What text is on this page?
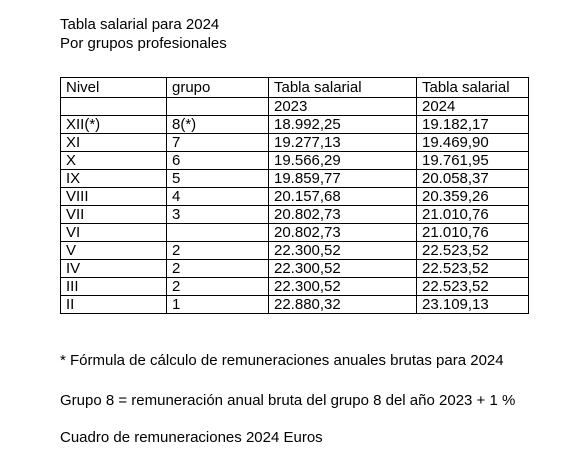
Tabla salarial para 2024
Por grupos profesionales
Nivel	grupo	Tabla salarial	Tabla salarial
		2023	2024
XII(*)	8(*)	18.992,25	19.182,17
XI	7	19.277,13	19.469,90
X	6	19.566,29	19.761,95
IX	5	19.859,77	20.058,37
VIII	4	20.157,68	20.359,26
VII	3	20.802,73	21.010,76
VI		20.802,73	21.010,76
V	2	22.300,52	22.523,52
IV	2	22.300,52	22.523,52
III	2	22.300,52	22.523,52
II	1	22.880,32	23.109,13
* Fórmula de cálculo de remuneraciones anuales brutas para 2024
Grupo 8 = remuneración anual bruta del grupo 8 del año 2023 + 1 %
Cuadro de remuneraciones 2024 Euros
